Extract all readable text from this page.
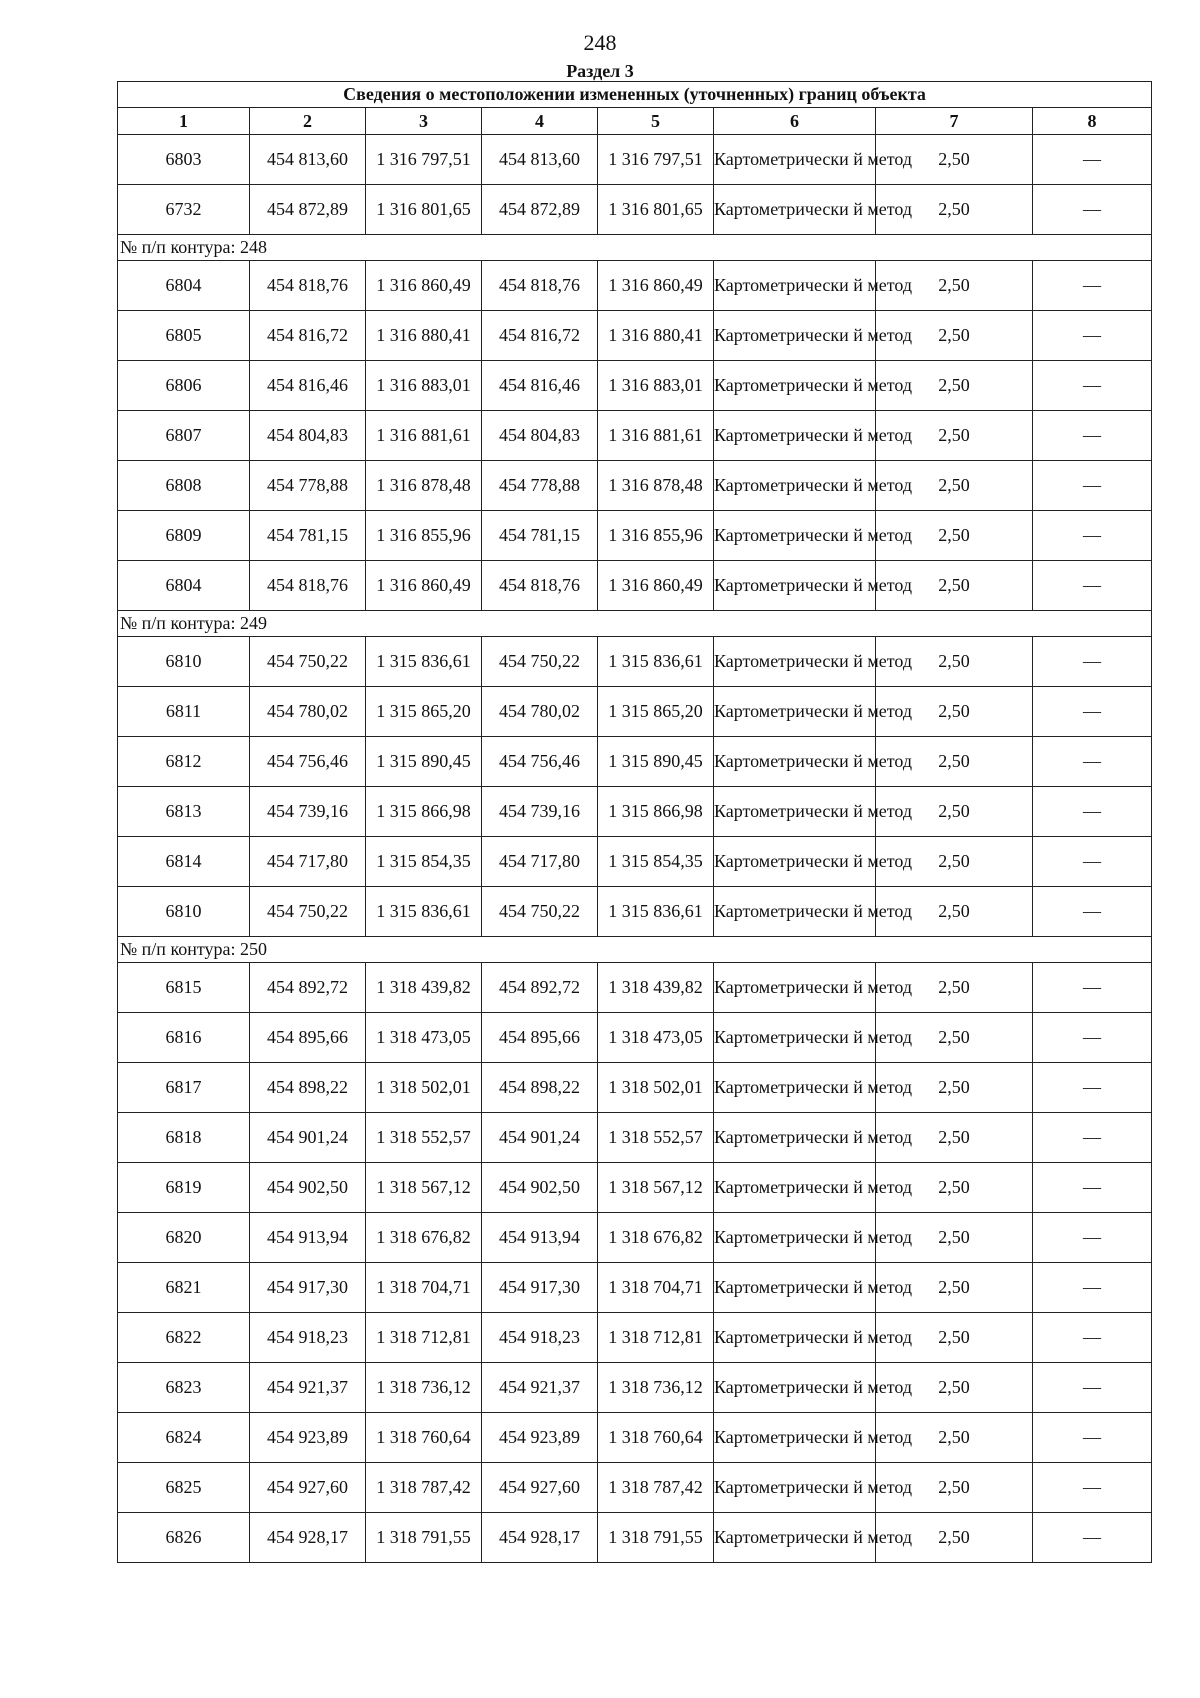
248
Раздел 3
Сведения о местоположении измененных (уточненных) границ объекта							
1	2	3	4	5	6	7	8
6803	454 813,60	1 316 797,51	454 813,60	1 316 797,51	Картометрически й метод	2,50	—
6732	454 872,89	1 316 801,65	454 872,89	1 316 801,65	Картометрически й метод	2,50	—
№ п/п контура: 248							
6804	454 818,76	1 316 860,49	454 818,76	1 316 860,49	Картометрически й метод	2,50	—
6805	454 816,72	1 316 880,41	454 816,72	1 316 880,41	Картометрически й метод	2,50	—
6806	454 816,46	1 316 883,01	454 816,46	1 316 883,01	Картометрически й метод	2,50	—
6807	454 804,83	1 316 881,61	454 804,83	1 316 881,61	Картометрически й метод	2,50	—
6808	454 778,88	1 316 878,48	454 778,88	1 316 878,48	Картометрически й метод	2,50	—
6809	454 781,15	1 316 855,96	454 781,15	1 316 855,96	Картометрически й метод	2,50	—
6804	454 818,76	1 316 860,49	454 818,76	1 316 860,49	Картометрически й метод	2,50	—
№ п/п контура: 249							
6810	454 750,22	1 315 836,61	454 750,22	1 315 836,61	Картометрически й метод	2,50	—
6811	454 780,02	1 315 865,20	454 780,02	1 315 865,20	Картометрически й метод	2,50	—
6812	454 756,46	1 315 890,45	454 756,46	1 315 890,45	Картометрически й метод	2,50	—
6813	454 739,16	1 315 866,98	454 739,16	1 315 866,98	Картометрически й метод	2,50	—
6814	454 717,80	1 315 854,35	454 717,80	1 315 854,35	Картометрически й метод	2,50	—
6810	454 750,22	1 315 836,61	454 750,22	1 315 836,61	Картометрически й метод	2,50	—
№ п/п контура: 250							
6815	454 892,72	1 318 439,82	454 892,72	1 318 439,82	Картометрически й метод	2,50	—
6816	454 895,66	1 318 473,05	454 895,66	1 318 473,05	Картометрически й метод	2,50	—
6817	454 898,22	1 318 502,01	454 898,22	1 318 502,01	Картометрически й метод	2,50	—
6818	454 901,24	1 318 552,57	454 901,24	1 318 552,57	Картометрически й метод	2,50	—
6819	454 902,50	1 318 567,12	454 902,50	1 318 567,12	Картометрически й метод	2,50	—
6820	454 913,94	1 318 676,82	454 913,94	1 318 676,82	Картометрически й метод	2,50	—
6821	454 917,30	1 318 704,71	454 917,30	1 318 704,71	Картометрически й метод	2,50	—
6822	454 918,23	1 318 712,81	454 918,23	1 318 712,81	Картометрически й метод	2,50	—
6823	454 921,37	1 318 736,12	454 921,37	1 318 736,12	Картометрически й метод	2,50	—
6824	454 923,89	1 318 760,64	454 923,89	1 318 760,64	Картометрически й метод	2,50	—
6825	454 927,60	1 318 787,42	454 927,60	1 318 787,42	Картометрически й метод	2,50	—
6826	454 928,17	1 318 791,55	454 928,17	1 318 791,55	Картометрически й метод	2,50	—
